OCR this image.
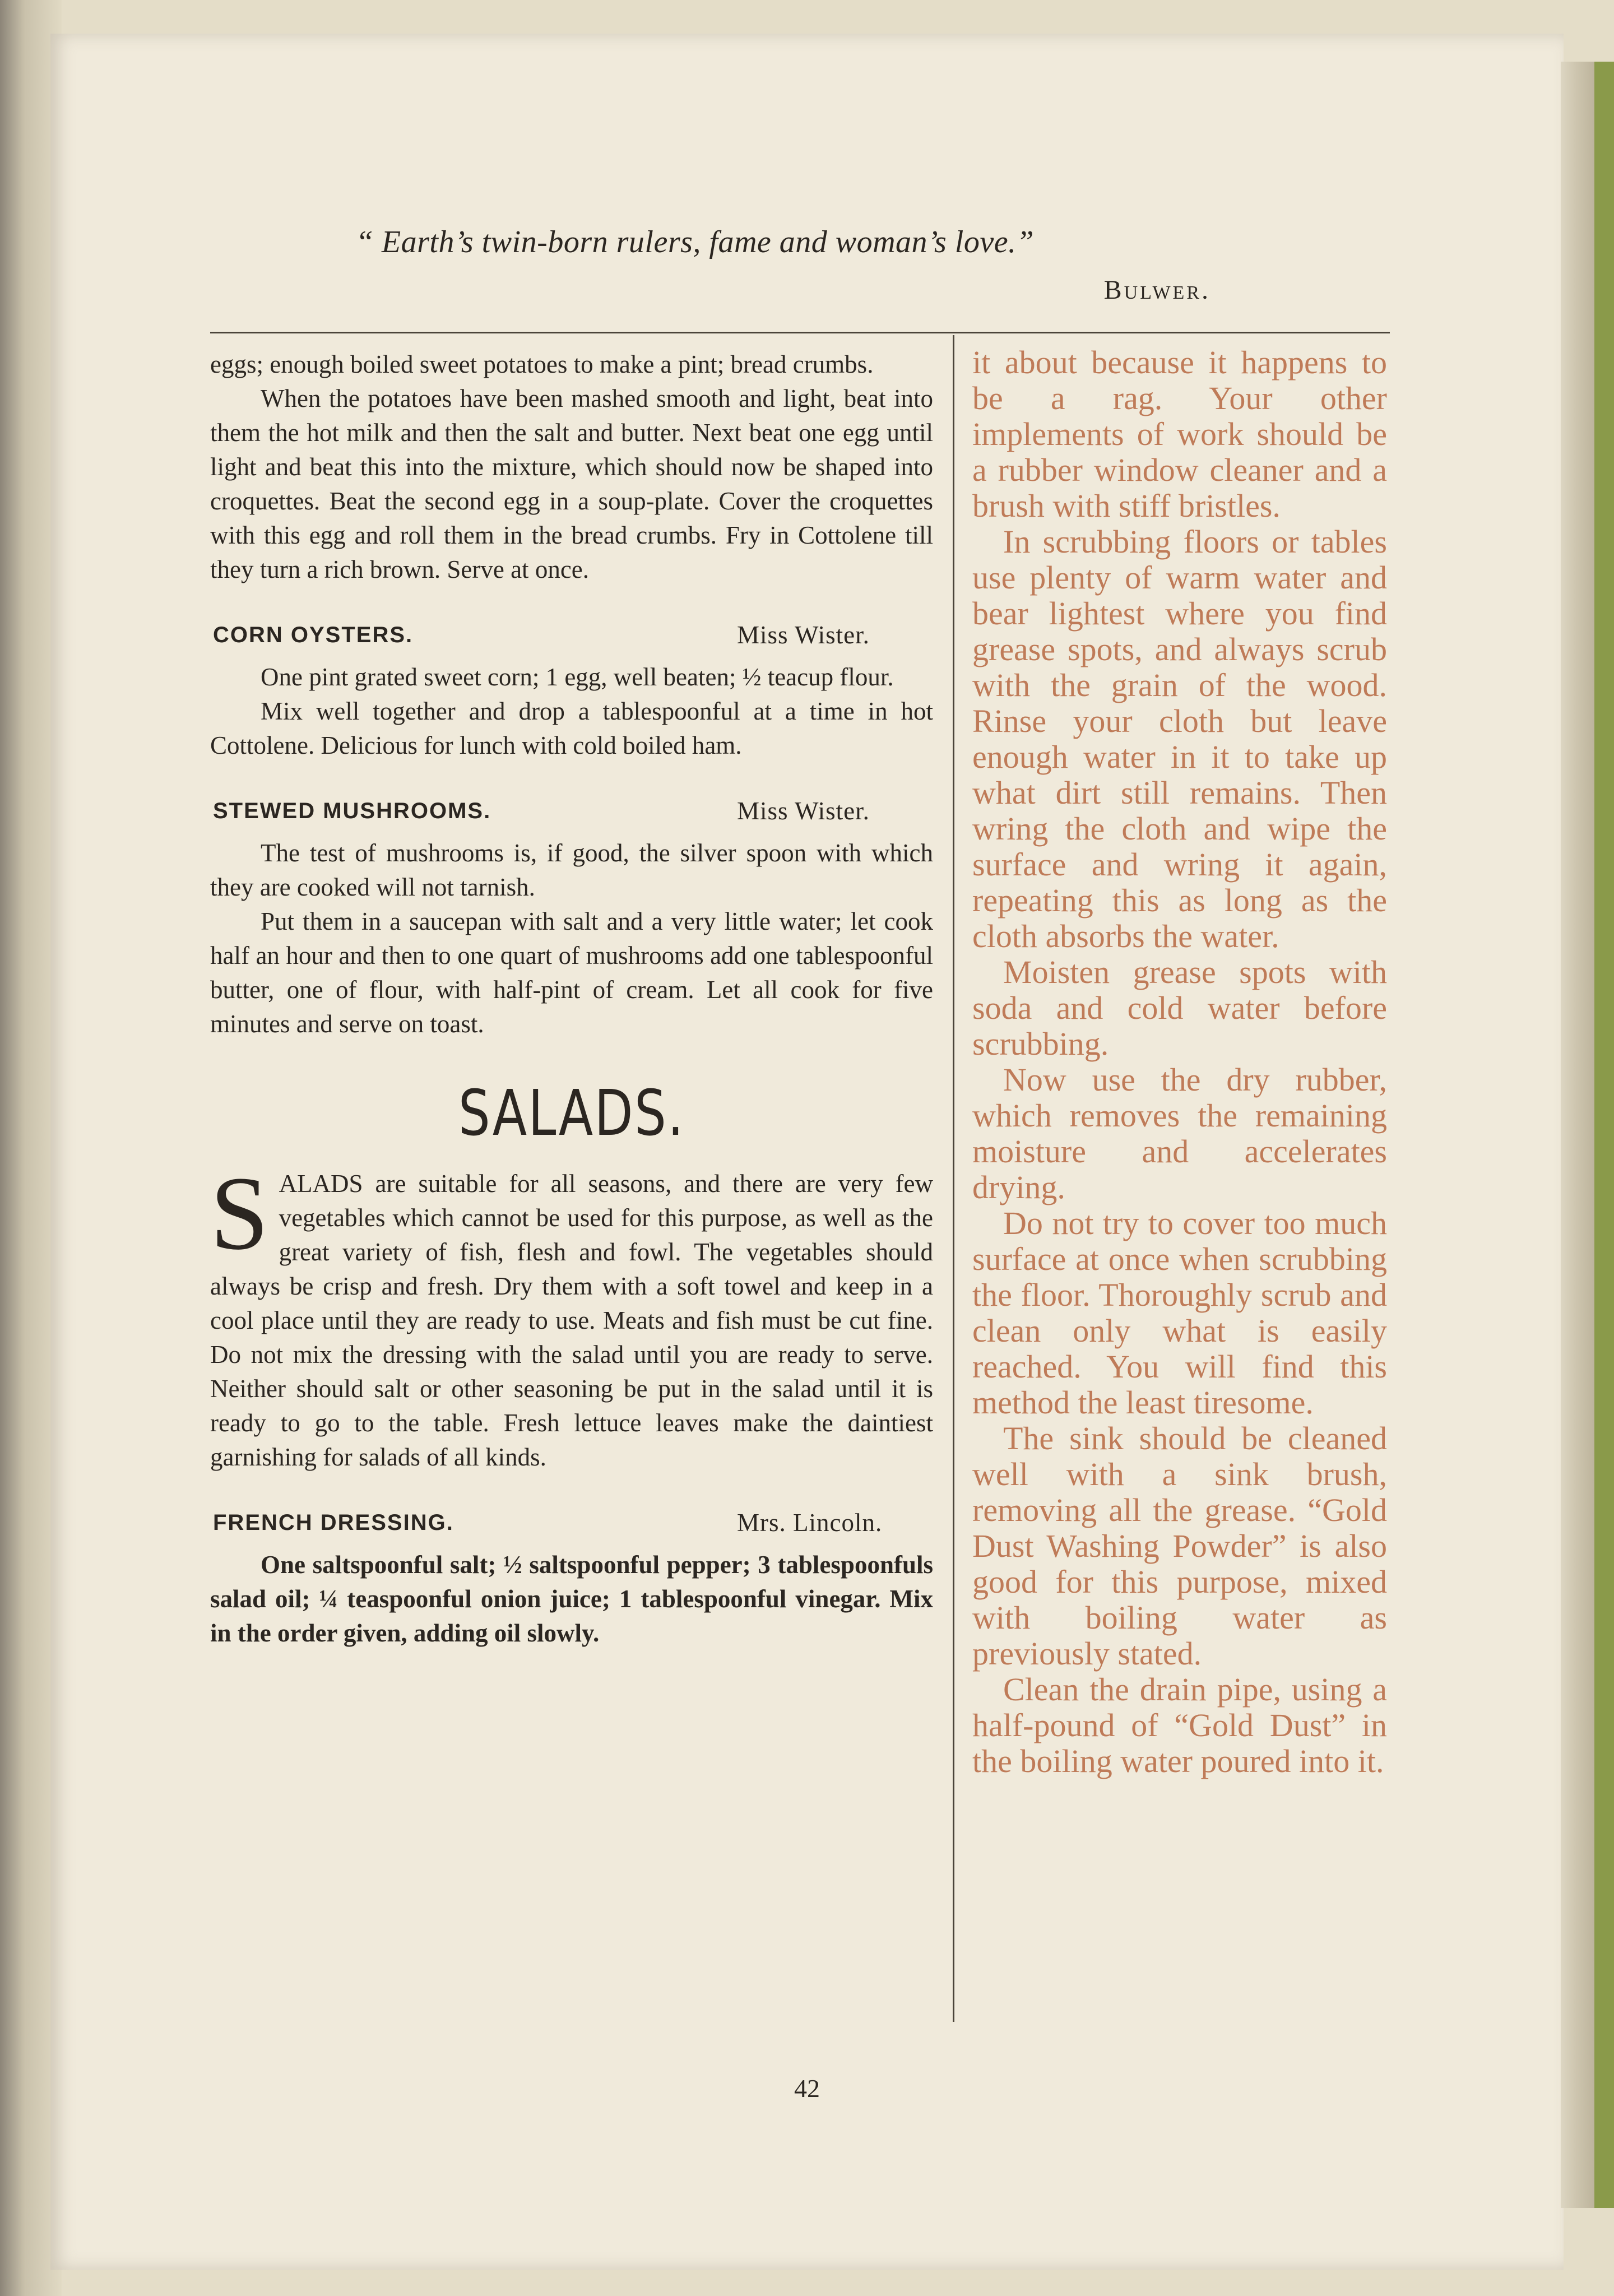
“ Earth’s twin-born rulers, fame and woman’s love.”
Bulwer.

eggs; enough boiled sweet potatoes to make a pint; bread crumbs.

When the potatoes have been mashed smooth and light, beat into them the hot milk and then the salt and butter. Next beat one egg until light and beat this into the mixture, which should now be shaped into croquettes. Beat the second egg in a soup-plate. Cover the croquettes with this egg and roll them in the bread crumbs. Fry in Cottolene till they turn a rich brown. Serve at once.

CORN OYSTERS.	Miss Wister.

One pint grated sweet corn; 1 egg, well beaten; ½ teacup flour.

Mix well together and drop a tablespoonful at a time in hot Cottolene. Delicious for lunch with cold boiled ham.

STEWED MUSHROOMS.	Miss Wister.

The test of mushrooms is, if good, the silver spoon with which they are cooked will not tarnish.

Put them in a saucepan with salt and a very little water; let cook half an hour and then to one quart of mushrooms add one tablespoonful butter, one of flour, with half-pint of cream. Let all cook for five minutes and serve on toast.

SALADS.

SALADS are suitable for all seasons, and there are very few vegetables which cannot be used for this purpose, as well as the great variety of fish, flesh and fowl. The vegetables should always be crisp and fresh. Dry them with a soft towel and keep in a cool place until they are ready to use. Meats and fish must be cut fine. Do not mix the dressing with the salad until you are ready to serve. Neither should salt or other seasoning be put in the salad until it is ready to go to the table. Fresh lettuce leaves make the daintiest garnishing for salads of all kinds.

FRENCH DRESSING.	Mrs. Lincoln.

One saltspoonful salt; ½ saltspoonful pepper; 3 tablespoonfuls salad oil; ¼ teaspoonful onion juice; 1 tablespoonful vinegar. Mix in the order given, adding oil slowly.

it about because it happens to be a rag. Your other implements of work should be a rubber window cleaner and a brush with stiff bristles.

In scrubbing floors or tables use plenty of warm water and bear lightest where you find grease spots, and always scrub with the grain of the wood. Rinse your cloth but leave enough water in it to take up what dirt still remains. Then wring the cloth and wipe the surface and wring it again, repeating this as long as the cloth absorbs the water.

Moisten grease spots with soda and cold water before scrubbing.

Now use the dry rubber, which removes the remaining moisture and accelerates drying.

Do not try to cover too much surface at once when scrubbing the floor. Thoroughly scrub and clean only what is easily reached. You will find this method the least tiresome.

The sink should be cleaned well with a sink brush, removing all the grease. “Gold Dust Washing Powder” is also good for this purpose, mixed with boiling water as previously stated.

Clean the drain pipe, using a half-pound of “Gold Dust” in the boiling water poured into it.

42
